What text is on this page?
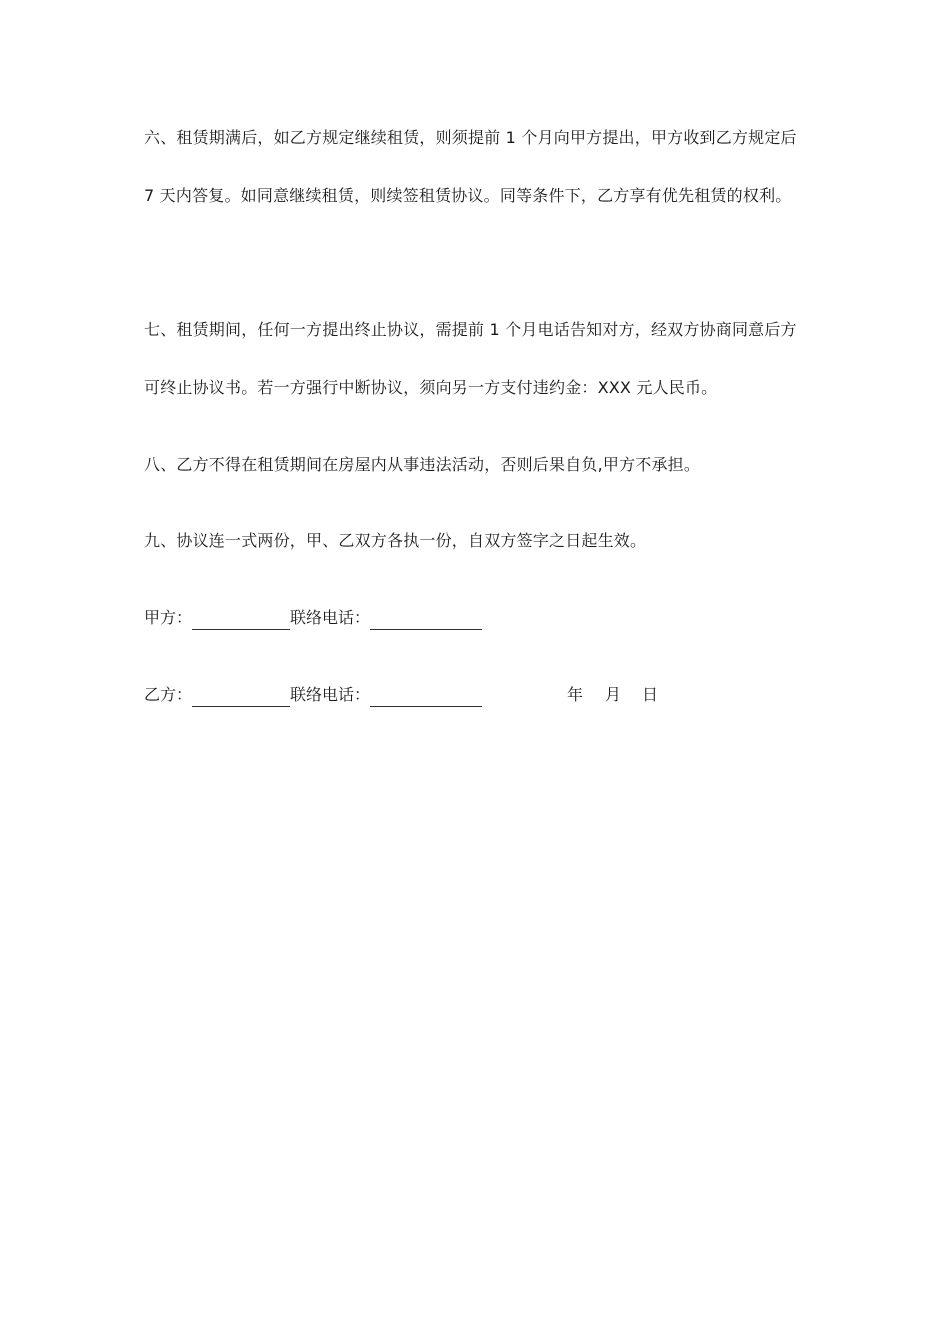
六、租赁期满后，如乙方规定继续租赁，则须提前 1 个月向甲方提出，甲方收到乙方规定后 7 天内答复。如同意继续租赁，则续签租赁协议。同等条件下，乙方享有优先租赁的权利。

七、租赁期间，任何一方提出终止协议，需提前 1 个月电话告知对方，经双方协商同意后方可终止协议书。若一方强行中断协议，须向另一方支付违约金：XXX 元人民币。

八、乙方不得在租赁期间在房屋内从事违法活动，否则后果自负,甲方不承担。

九、协议连一式两份，甲、乙双方各执一份，自双方签字之日起生效。

甲方：	联络电话：
乙方：	联络电话：	年 月 日
